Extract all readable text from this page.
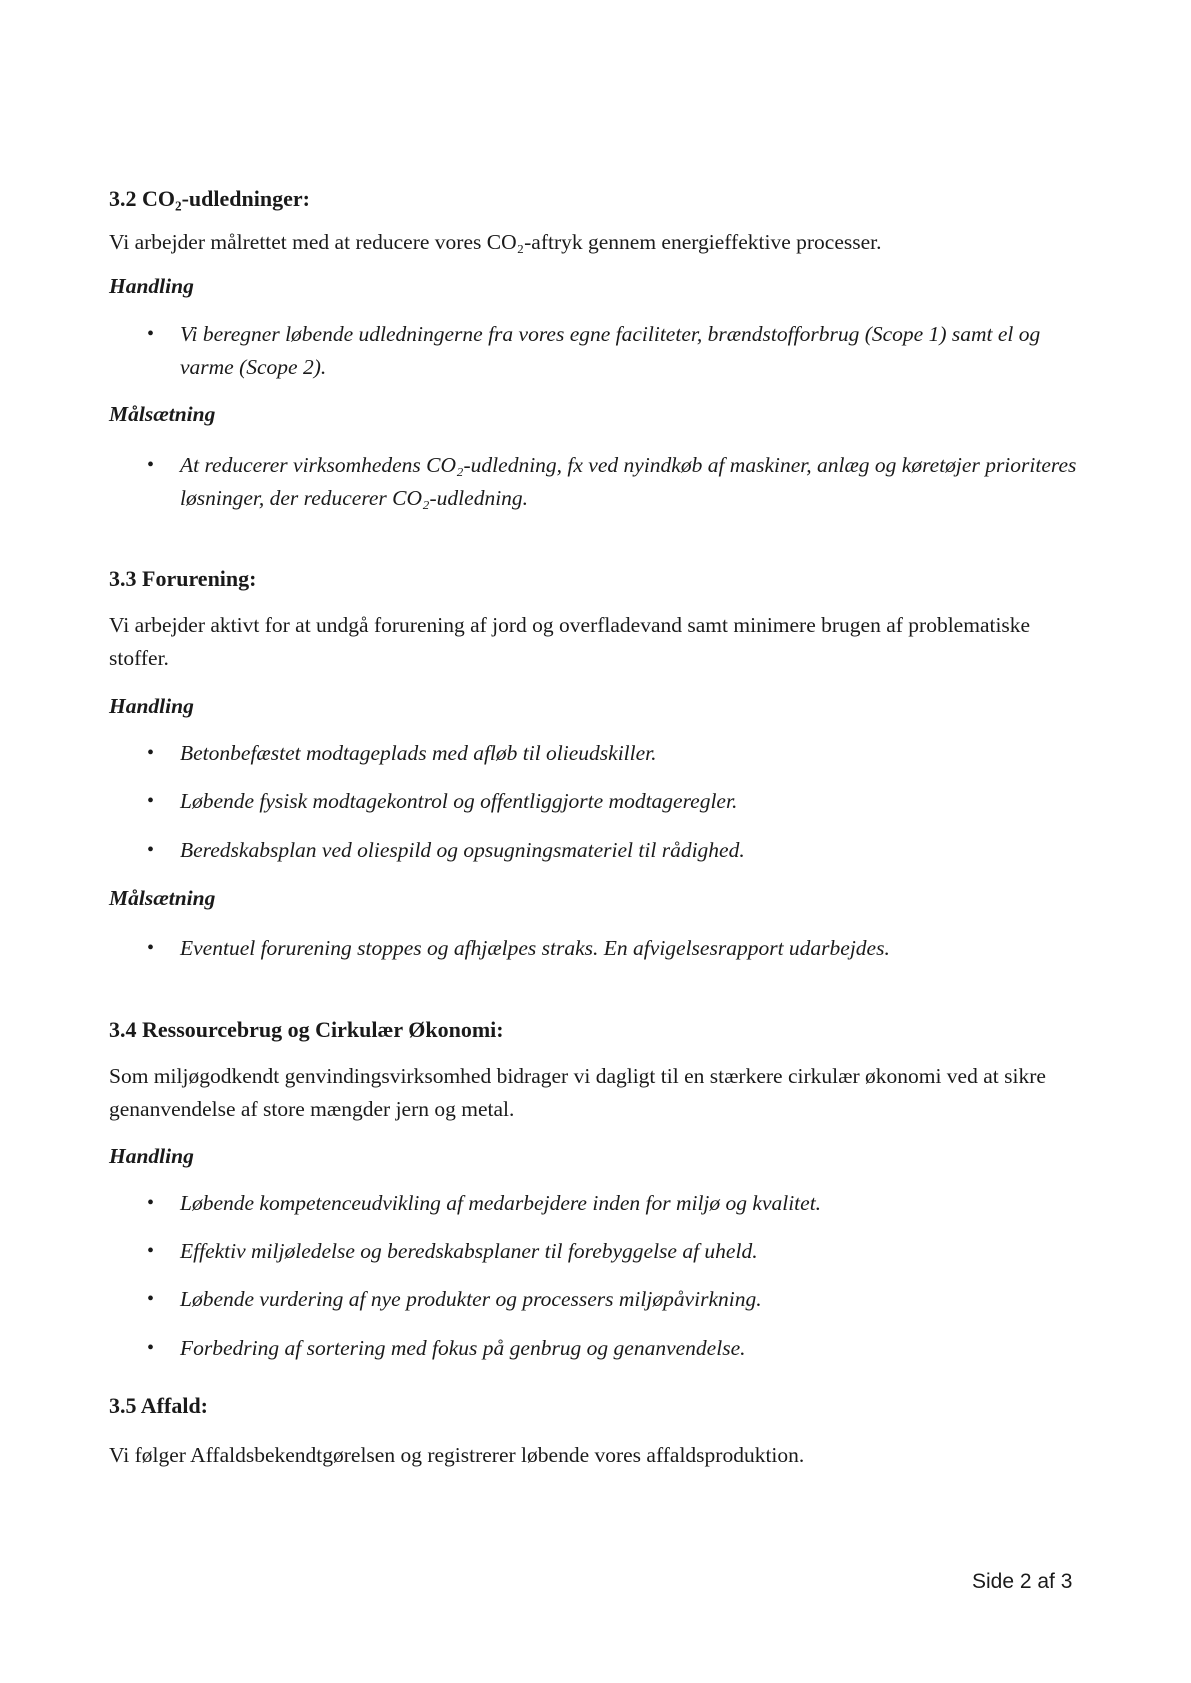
3.2 CO₂-udledninger:

Vi arbejder målrettet med at reducere vores CO₂-aftryk gennem energieffektive processer.

Handling

• Vi beregner løbende udledningerne fra vores egne faciliteter, brændstofforbrug (Scope 1) samt el og varme (Scope 2).

Målsætning

• At reducerer virksomhedens CO₂-udledning, fx ved nyindkøb af maskiner, anlæg og køretøjer prioriteres løsninger, der reducerer CO₂-udledning.
3.3 Forurening:

Vi arbejder aktivt for at undgå forurening af jord og overfladevand samt minimere brugen af problematiske stoffer.

Handling

• Betonbefæstet modtageplads med afløb til olieudskiller.
• Løbende fysisk modtagekontrol og offentliggjorte modtageregler.
• Beredskabsplan ved oliespild og opsugningsmateriel til rådighed.

Målsætning

• Eventuel forurening stoppes og afhjælpes straks. En afvigelsesrapport udarbejdes.
3.4 Ressourcebrug og Cirkulær Økonomi:

Som miljøgodkendt genvindingsvirksomhed bidrager vi dagligt til en stærkere cirkulær økonomi ved at sikre genanvendelse af store mængder jern og metal.

Handling

• Løbende kompetenceudvikling af medarbejdere inden for miljø og kvalitet.
• Effektiv miljøledelse og beredskabsplaner til forebyggelse af uheld.
• Løbende vurdering af nye produkter og processers miljøpåvirkning.
• Forbedring af sortering med fokus på genbrug og genanvendelse.
3.5 Affald:

Vi følger Affaldsbekendtgørelsen og registrerer løbende vores affaldsproduktion.

Side 2 af 3
